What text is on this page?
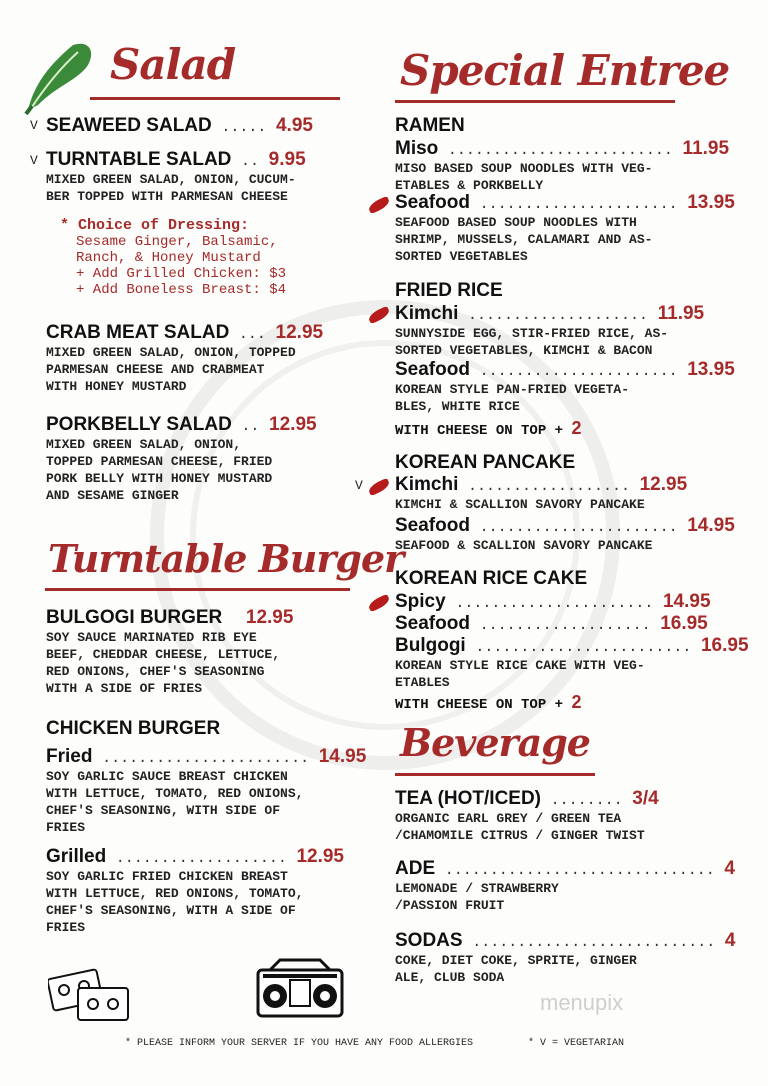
Salad
V SEAWEED SALAD ..... 4.95
V TURNTABLE SALAD .. 9.95
MIXED GREEN SALAD, ONION, CUCUM-
BER TOPPED WITH PARMESAN CHEESE
* Choice of Dressing:
Sesame Ginger, Balsamic,
Ranch, & Honey Mustard
+ Add Grilled Chicken: $3
+ Add Boneless Breast: $4
CRAB MEAT SALAD ... 12.95
MIXED GREEN SALAD, ONION, TOPPED
PARMESAN CHEESE AND CRABMEAT
WITH HONEY MUSTARD
PORKBELLY SALAD .. 12.95
MIXED GREEN SALAD, ONION,
TOPPED PARMESAN CHEESE, FRIED
PORK BELLY WITH HONEY MUSTARD
AND SESAME GINGER
Turntable Burger
BULGOGI BURGER 12.95
SOY SAUCE MARINATED RIB EYE
BEEF, CHEDDAR CHEESE, LETTUCE,
RED ONIONS, CHEF'S SEASONING
WITH A SIDE OF FRIES
CHICKEN BURGER
Fried ....................... 14.95
SOY GARLIC SAUCE BREAST CHICKEN
WITH LETTUCE, TOMATO, RED ONIONS,
CHEF'S SEASONING, WITH SIDE OF
FRIES
Grilled ................... 12.95
SOY GARLIC FRIED CHICKEN BREAST
WITH LETTUCE, RED ONIONS, TOMATO,
CHEF'S SEASONING, WITH A SIDE OF
FRIES
Special Entree
RAMEN
Miso ......................... 11.95
MISO BASED SOUP NOODLES WITH VEG-
ETABLES & PORKBELLY
Seafood ...................... 13.95
SEAFOOD BASED SOUP NOODLES WITH
SHRIMP, MUSSELS, CALAMARI AND AS-
SORTED VEGETABLES
FRIED RICE
Kimchi .................... 11.95
SUNNYSIDE EGG, STIR-FRIED RICE, AS-
SORTED VEGETABLES, KIMCHI & BACON
Seafood ...................... 13.95
KOREAN STYLE PAN-FRIED VEGETA-
BLES, WHITE RICE
WITH CHEESE ON TOP + 2
KOREAN PANCAKE
V Kimchi .................. 12.95
KIMCHI & SCALLION SAVORY PANCAKE
Seafood ...................... 14.95
SEAFOOD & SCALLION SAVORY PANCAKE
KOREAN RICE CAKE
Spicy ...................... 14.95
Seafood ................... 16.95
Bulgogi ........................ 16.95
KOREAN STYLE RICE CAKE WITH VEG-
ETABLES
WITH CHEESE ON TOP + 2
Beverage
TEA (HOT/ICED) ........ 3/4
ORGANIC EARL GREY / GREEN TEA
/CHAMOMILE CITRUS / GINGER TWIST
ADE .............................. 4
LEMONADE / STRAWBERRY
/PASSION FRUIT
SODAS ........................... 4
COKE, DIET COKE, SPRITE, GINGER
ALE, CLUB SODA
menupix
* PLEASE INFORM YOUR SERVER IF YOU HAVE ANY FOOD ALLERGIES	* V = VEGETARIAN
